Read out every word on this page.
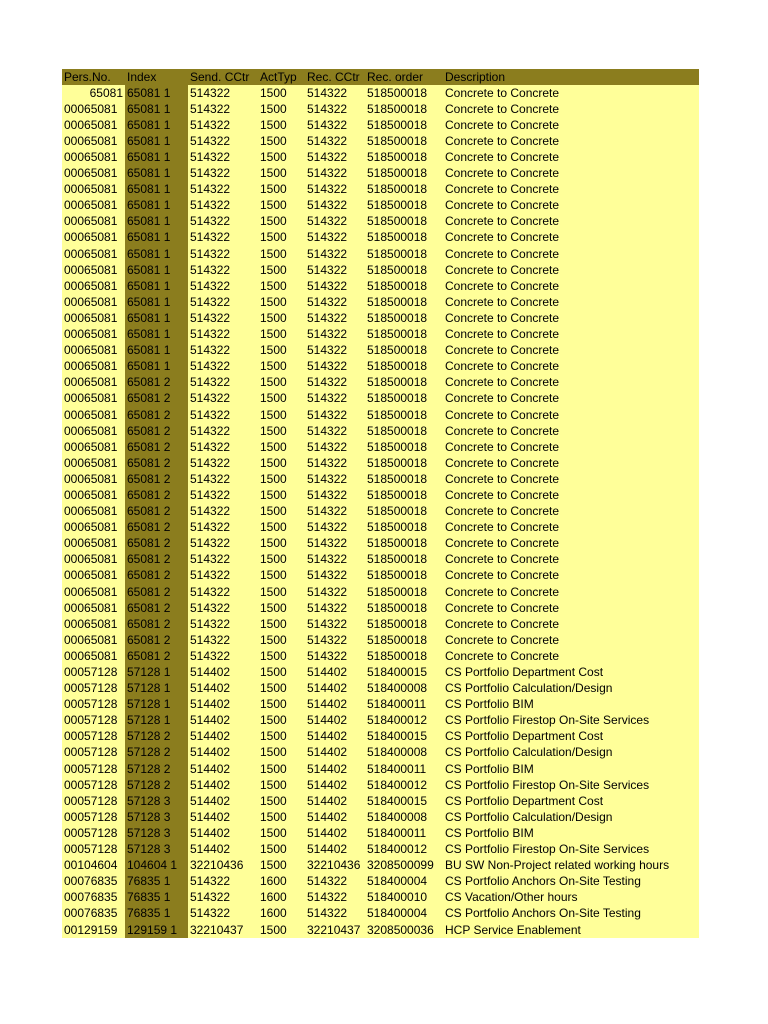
Pers.No.	Index	Send. CCtr	ActTyp	Rec. CCtr	Rec. order	Description
65081	65081 1	514322	1500	514322	518500018	Concrete to Concrete
00065081	65081 1	514322	1500	514322	518500018	Concrete to Concrete
00065081	65081 1	514322	1500	514322	518500018	Concrete to Concrete
00065081	65081 1	514322	1500	514322	518500018	Concrete to Concrete
00065081	65081 1	514322	1500	514322	518500018	Concrete to Concrete
00065081	65081 1	514322	1500	514322	518500018	Concrete to Concrete
00065081	65081 1	514322	1500	514322	518500018	Concrete to Concrete
00065081	65081 1	514322	1500	514322	518500018	Concrete to Concrete
00065081	65081 1	514322	1500	514322	518500018	Concrete to Concrete
00065081	65081 1	514322	1500	514322	518500018	Concrete to Concrete
00065081	65081 1	514322	1500	514322	518500018	Concrete to Concrete
00065081	65081 1	514322	1500	514322	518500018	Concrete to Concrete
00065081	65081 1	514322	1500	514322	518500018	Concrete to Concrete
00065081	65081 1	514322	1500	514322	518500018	Concrete to Concrete
00065081	65081 1	514322	1500	514322	518500018	Concrete to Concrete
00065081	65081 1	514322	1500	514322	518500018	Concrete to Concrete
00065081	65081 1	514322	1500	514322	518500018	Concrete to Concrete
00065081	65081 1	514322	1500	514322	518500018	Concrete to Concrete
00065081	65081 2	514322	1500	514322	518500018	Concrete to Concrete
00065081	65081 2	514322	1500	514322	518500018	Concrete to Concrete
00065081	65081 2	514322	1500	514322	518500018	Concrete to Concrete
00065081	65081 2	514322	1500	514322	518500018	Concrete to Concrete
00065081	65081 2	514322	1500	514322	518500018	Concrete to Concrete
00065081	65081 2	514322	1500	514322	518500018	Concrete to Concrete
00065081	65081 2	514322	1500	514322	518500018	Concrete to Concrete
00065081	65081 2	514322	1500	514322	518500018	Concrete to Concrete
00065081	65081 2	514322	1500	514322	518500018	Concrete to Concrete
00065081	65081 2	514322	1500	514322	518500018	Concrete to Concrete
00065081	65081 2	514322	1500	514322	518500018	Concrete to Concrete
00065081	65081 2	514322	1500	514322	518500018	Concrete to Concrete
00065081	65081 2	514322	1500	514322	518500018	Concrete to Concrete
00065081	65081 2	514322	1500	514322	518500018	Concrete to Concrete
00065081	65081 2	514322	1500	514322	518500018	Concrete to Concrete
00065081	65081 2	514322	1500	514322	518500018	Concrete to Concrete
00065081	65081 2	514322	1500	514322	518500018	Concrete to Concrete
00065081	65081 2	514322	1500	514322	518500018	Concrete to Concrete
00057128	57128 1	514402	1500	514402	518400015	CS Portfolio Department Cost
00057128	57128 1	514402	1500	514402	518400008	CS Portfolio Calculation/Design
00057128	57128 1	514402	1500	514402	518400011	CS Portfolio BIM
00057128	57128 1	514402	1500	514402	518400012	CS Portfolio Firestop On-Site Services
00057128	57128 2	514402	1500	514402	518400015	CS Portfolio Department Cost
00057128	57128 2	514402	1500	514402	518400008	CS Portfolio Calculation/Design
00057128	57128 2	514402	1500	514402	518400011	CS Portfolio BIM
00057128	57128 2	514402	1500	514402	518400012	CS Portfolio Firestop On-Site Services
00057128	57128 3	514402	1500	514402	518400015	CS Portfolio Department Cost
00057128	57128 3	514402	1500	514402	518400008	CS Portfolio Calculation/Design
00057128	57128 3	514402	1500	514402	518400011	CS Portfolio BIM
00057128	57128 3	514402	1500	514402	518400012	CS Portfolio Firestop On-Site Services
00104604	104604 1	32210436	1500	32210436	3208500099	BU SW Non-Project related working hours
00076835	76835 1	514322	1600	514322	518400004	CS Portfolio Anchors On-Site Testing
00076835	76835 1	514322	1600	514322	518400010	CS Vacation/Other hours
00076835	76835 1	514322	1600	514322	518400004	CS Portfolio Anchors On-Site Testing
00129159	129159 1	32210437	1500	32210437	3208500036	HCP Service Enablement
